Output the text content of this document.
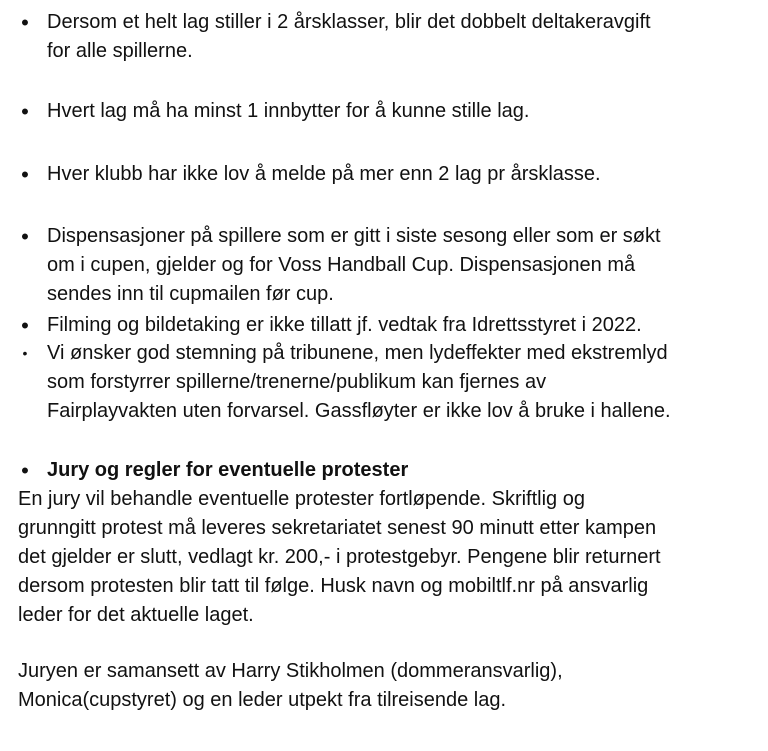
• Dersom et helt lag stiller i 2 årsklasser, blir det dobbelt deltakeravgift
for alle spillerne.
• Hvert lag må ha minst 1 innbytter for å kunne stille lag.
• Hver klubb har ikke lov å melde på mer enn 2 lag pr årsklasse.
• Dispensasjoner på spillere som er gitt i siste sesong eller som er søkt
om i cupen, gjelder og for Voss Handball Cup. Dispensasjonen må
sendes inn til cupmailen før cup.
• Filming og bildetaking er ikke tillatt jf. vedtak fra Idrettsstyret i 2022.
• Vi ønsker god stemning på tribunene, men lydeffekter med ekstremlyd
som forstyrrer spillerne/trenerne/publikum kan fjernes av
Fairplayvakten uten forvarsel. Gassfløyter er ikke lov å bruke i hallene.
• Jury og regler for eventuelle protester
En jury vil behandle eventuelle protester fortløpende. Skriftlig og
grunngitt protest må leveres sekretariatet senest 90 minutt etter kampen
det gjelder er slutt, vedlagt kr. 200,- i protestgebyr. Pengene blir returnert
dersom protesten blir tatt til følge. Husk navn og mobiltlf.nr på ansvarlig
leder for det aktuelle laget.
Juryen er samansett av Harry Stikholmen (dommeransvarlig),
Monica(cupstyret) og en leder utpekt fra tilreisende lag.
